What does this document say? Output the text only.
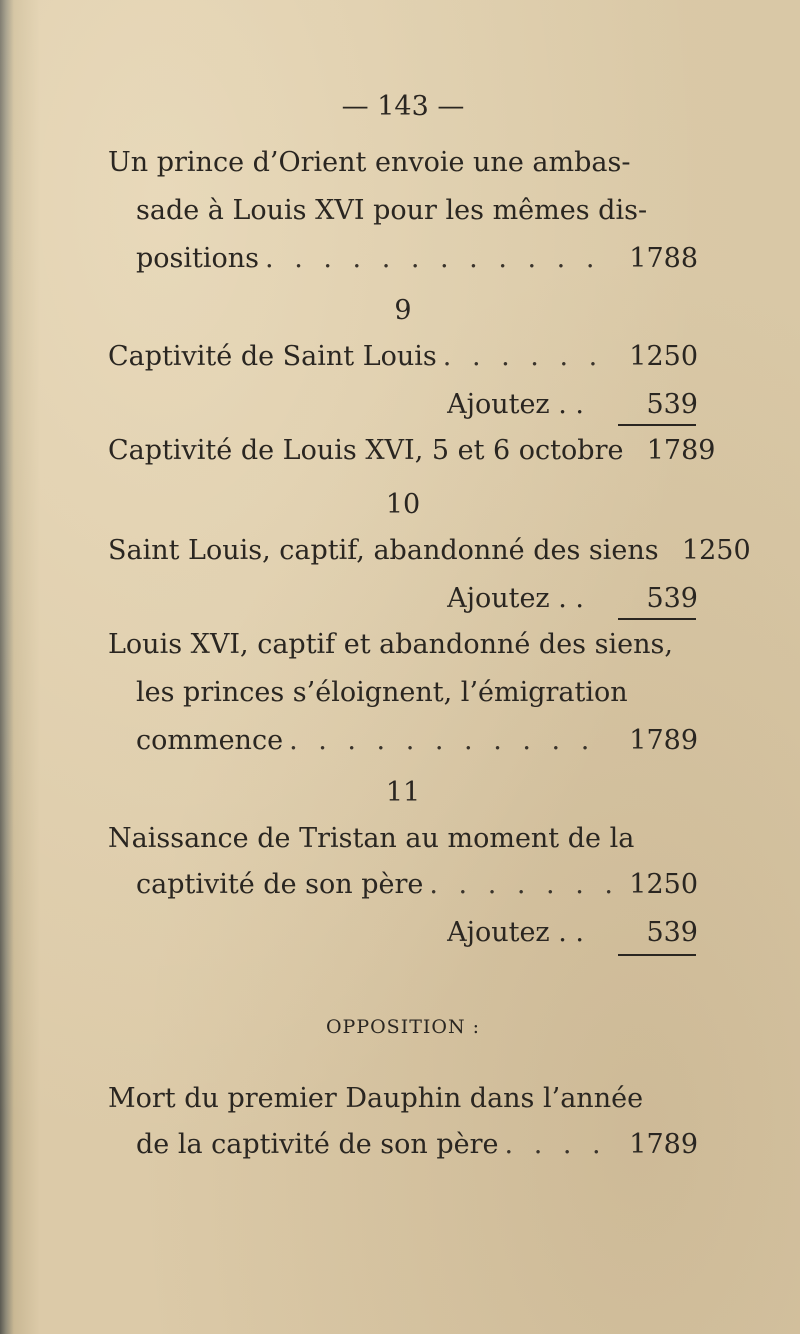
— 143 —
Un prince d’Orient envoie une ambas-
sade à Louis XVI pour les mêmes dis-
positions . . .	1788
9
Captivité de Saint Louis . . .	1250
Ajoutez . .	539
Captivité de Louis XVI, 5 et 6 octobre 1789
10
Saint Louis, captif, abandonné des siens 1250
Ajoutez . .	539
Louis XVI, captif et abandonné des siens,
les princes s’éloignent, l’émigration
commence . . .	1789
11
Naissance de Tristan au moment de la
captivité de son père . . .	1250
Ajoutez . .	539
OPPOSITION :
Mort du premier Dauphin dans l’année
de la captivité de son père . . .	1789
